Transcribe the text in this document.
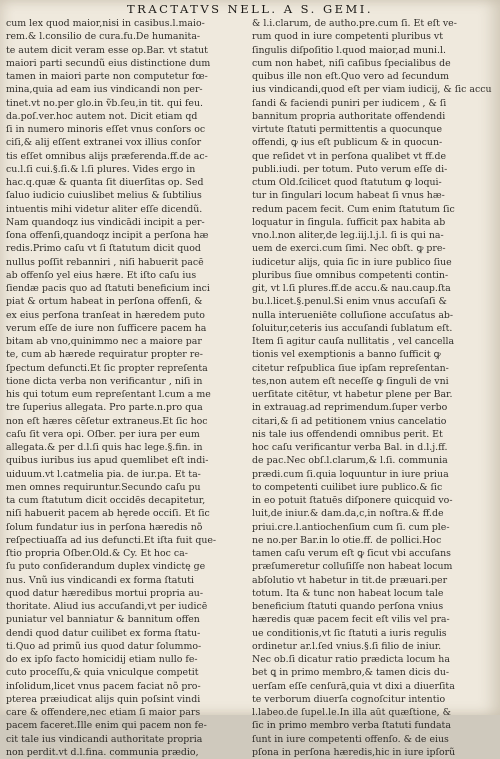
TRACTATVS NELL. A S. GEMI.
cum lex quod maior,nisi in casibus.l.maio-
rem.& l.consilio de cura.fu.De humanita-
te autem dicit veram esse op.Bar. vt statut
maiori parti secundũ eius distinctione dum
tamen in maiori parte non computetur fœ-
mina,quia ad eam ius vindicandi non per-
tinet.vt no.per glo.in ṽb.ſeu,in tit. qui feu.
da.poſ.ver.hoc autem not. Dicit etiam qd
ſi in numero minoris eſſet vnus conſors oc
ciſi,& alij eſſent extranei vox illius conſor
tis eſſet omnibus alijs præferenda.ff.de ac-
cu.l.ſi cui.§.ſi.& l.ſi plures. Vides ergo in
hac.q.quæ & quanta ſit diuerſitas op. Sed
ſaluo iudicio cuiuslibet melius & ſubtilius
intuentis mihi videtur aliter eſſe dicendũ.
Nam quandoqz ius vindicādi incipit a per-
ſona offenſi,quandoqz incipit a perſona hæ
redis.Primo caſu vt ſi ſtatutum dicit quod
nullus poſſit rebanniri , niſi habuerit pacē
ab offenſo yel eius hære. Et iſto caſu ius
ſiendæ pacis quo ad ſtatuti beneficium inci
piat & ortum habeat in perſona offenſi, &
ex eius perſona tranſeat in hæredem puto
verum eſſe de iure non ſufficere pacem ha
bitam ab vno,quinimmo nec a maiore par
te, cum ab hærede requiratur propter re-
ſpectum defuncti.Et ſic propter repreſenta
tione dicta verba non verificantur , niſi in
his qui totum eum repreſentant l.cum a me
tre ſuperius allegata. Pro parte.n.pro qua
non eſt hæres cēſetur extraneus.Et ſic hoc
caſu ſit vera opi. Oſber. per iura per eum
allegata.& per d.l.ſi quis hac lege.§.fin. in
quibus iuribus ius apud quemlibet eſt indi-
uiduum.vt l.catmelia pia. de iur.pa. Et ta-
men omnes requiruntur.Secundo caſu pu
ta cum ſtatutum dicit occidēs decapitetur,
niſi habuerit pacem ab hęrede occiſi. Et ſic
ſolum fundatur ius in perſona hæredis nõ
reſpectiuaſſa ad ius defuncti.Et iſta fuit que-
ſtio propria Oſber.Old.& Cy. Et hoc ca-
ſu puto conſiderandum duplex vindictę ge
nus. Vnũ ius vindicandi ex forma ſtatuti
quod datur hæredibus mortui propria au-
thoritate. Aliud ius accuſandi,vt per iudicē
puniatur vel banniatur & bannitum offen
dendi quod datur cuilibet ex forma ſtatu-
ti.Quo ad primũ ius quod datur ſolummo-
do ex ipſo facto homicidij etiam nullo fe-
cuto proceſſu,& quia vniculque competit
inſolidum,licet vnus pacem faciat nõ pro-
pterea præiudicat alijs quin poſsint vindi
care & offendere,nec etiam ſi maior pars
pacem faceret.Ille enim qui pacem non fe-
cit tale ius vindicandi authoritate propria
non perdit.vt d.l.fina. communia prædio,
& l.i.clarum, de autho.pre.cum ſi. Et eſt ve-
rum quod in iure competenti pluribus vt
ſingulis diſpoſitio l.quod maior,ad muni.l.
cum non habet, niſi caſibus ſpecialibus de
quibus ille non eſt.Quo vero ad ſecundum
ius vindicandi,quod eſt per viam iudicij, & ſic accu
ſandi & faciendi puniri per iudicem , & ſi
bannitum propria authoritate offendendi
virtute ſtatuti permittentis a quocunque
offendi, ꝙ ius eſt publicum & in quocun-
que reſidet vt in perſona qualibet vt ff.de
publi.iudi. per totum. Puto verum eſſe di-
ctum Old.ſcilicet quod ſtatutum ꝙ loqui-
tur in ſingulari locum habeat ſi vnus hæ-
redum pacem fecit. Cum enim ſtatutum ſic
loquatur in ſingula. ſufficit pax habita ab
vno.l.non aliter,de leg.iij.l.j.l. ſi is qui na-
uem de exerci.cum ſimi. Nec obſt. ꝙ pre-
iudicetur alijs, quia ſic in iure publico ſiue
pluribus ſiue omnibus competenti contin-
git, vt l.ſi plures.ff.de accu.& nau.caup.ſta
bu.l.licet.§.penul.Si enim vnus accuſaſi &
nulla interueniēte colluſione accuſatus ab-
ſoluitur,ceteris ius accuſandi ſublatum eſt.
Item ſi agitur cauſa nullitatis , vel cancella
tionis vel exemptionis a banno ſufficit ꝙ
citetur reſpublica ſiue ipſam repreſentan-
tes,non autem eſt neceſſe ꝙ ſinguli de vni
uerſitate citētur, vt habetur plene per Bar.
in extrauag.ad reprimendum.ſuper verbo
citari,& ſi ad petitionem vnius cancelatio
nis tale ius offendendi omnibus perit. Et
hoc caſu verificantur verba Bal. in d.l.j.ff.
de pac.Nec obſ.l.clarum,& l.ſi. communia
prædi.cum ſi.quia loquuntur in iure priua
to competenti cuilibet iure publico.& ſic
in eo potuit ſtatuēs diſponere quicquid vo-
luit,de iniur.& dam.da,c,in noſtra.& ff.de
priui.cre.l.antiochenſium cum ſi. cum ple-
ne no.per Bar.in lo otie.ff. de pollici.Hoc
tamen caſu verum eſt ꝙ ſicut vbi accuſans
præſumeretur colluſiſſe non habeat locum
abſolutio vt habetur in tit.de præuari.per
totum. Ita & tunc non habeat locum tale
beneficium ſtatuti quando perſona vnius
hæredis quæ pacem fecit eſt vilis vel pra-
ue conditionis,vt ſic ſtatuti a iuris regulis
ordinetur ar.l.ſed vnius.§.ſi filio de iniur.
Nec ob.ſi dicatur ratio prædicta locum ha
bet ꝗ in primo membro,& tamen dicis du-
uerſam eſſe cenſurā,quia vt dixi a diuerſita
te verborum diuerſa cognoſcitur intentio
l.labeo.de ſupel.le.In illa aūt quæſtione, &
ſic in primo membro verba ſtatuti fundata
ſunt in iure competenti offenſo. & de eius
pſona in perſona hæredis,hic in iure ipſorũ
